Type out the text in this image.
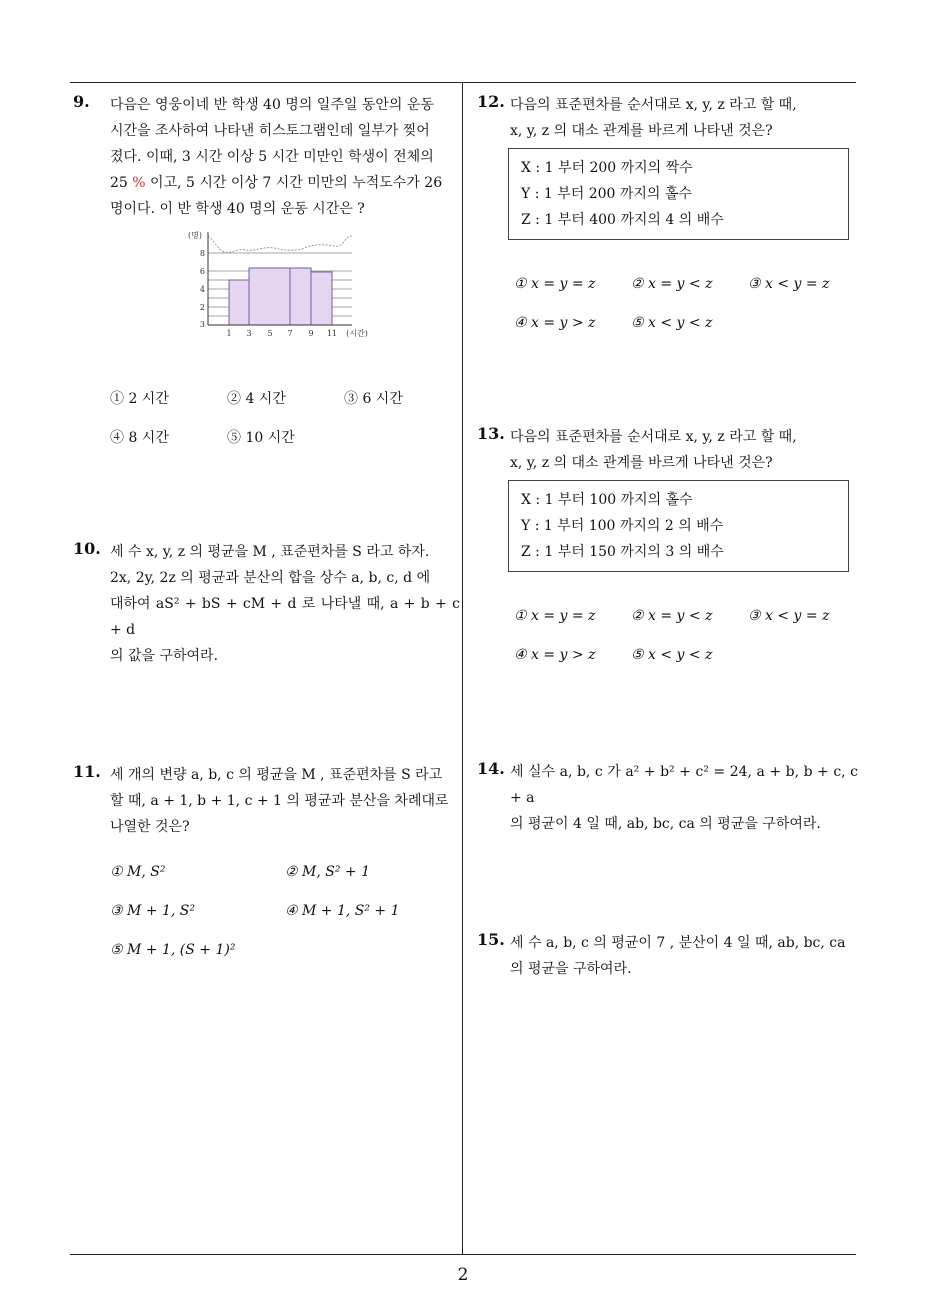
9. 다음은 영웅이네 반 학생 40 명의 일주일 동안의 운동
시간을 조사하여 나타낸 히스토그램인데 일부가 찢어
졌다. 이때, 3 시간 이상 5 시간 미만인 학생이 전체의
25 % 이고, 5 시간 이상 7 시간 미만의 누적도수가 26
명이다. 이 반 학생 40 명의 운동 시간은 ?
(명)
8
6
4
2
3
1 3 5 7 9 11 (시간)
① 2 시간	② 4 시간	③ 6 시간
④ 8 시간	⑤ 10 시간
10. 세 수 x, y, z 의 평균을 M , 표준편차를 S 라고 하자.
2x, 2y, 2z 의 평균과 분산의 합을 상수 a, b, c, d 에
대하여 aS² + bS + cM + d 로 나타낼 때, a + b + c + d
의 값을 구하여라.
11. 세 개의 변량 a, b, c 의 평균을 M , 표준편차를 S 라고
할 때, a + 1, b + 1, c + 1 의 평균과 분산을 차례대로
나열한 것은?
① M, S²	② M, S² + 1
③ M + 1, S²	④ M + 1, S² + 1
⑤ M + 1, (S + 1)²
12. 다음의 표준편차를 순서대로 x, y, z 라고 할 때,
x, y, z 의 대소 관계를 바르게 나타낸 것은?
X : 1 부터 200 까지의 짝수
Y : 1 부터 200 까지의 홀수
Z : 1 부터 400 까지의 4 의 배수
① x = y = z	② x = y < z	③ x < y = z
④ x = y > z	⑤ x < y < z
13. 다음의 표준편차를 순서대로 x, y, z 라고 할 때,
x, y, z 의 대소 관계를 바르게 나타낸 것은?
X : 1 부터 100 까지의 홀수
Y : 1 부터 100 까지의 2 의 배수
Z : 1 부터 150 까지의 3 의 배수
① x = y = z	② x = y < z	③ x < y = z
④ x = y > z	⑤ x < y < z
14. 세 실수 a, b, c 가 a² + b² + c² = 24, a + b, b + c, c + a
의 평균이 4 일 때, ab, bc, ca 의 평균을 구하여라.
15. 세 수 a, b, c 의 평균이 7 , 분산이 4 일 때, ab, bc, ca
의 평균을 구하여라.
2
